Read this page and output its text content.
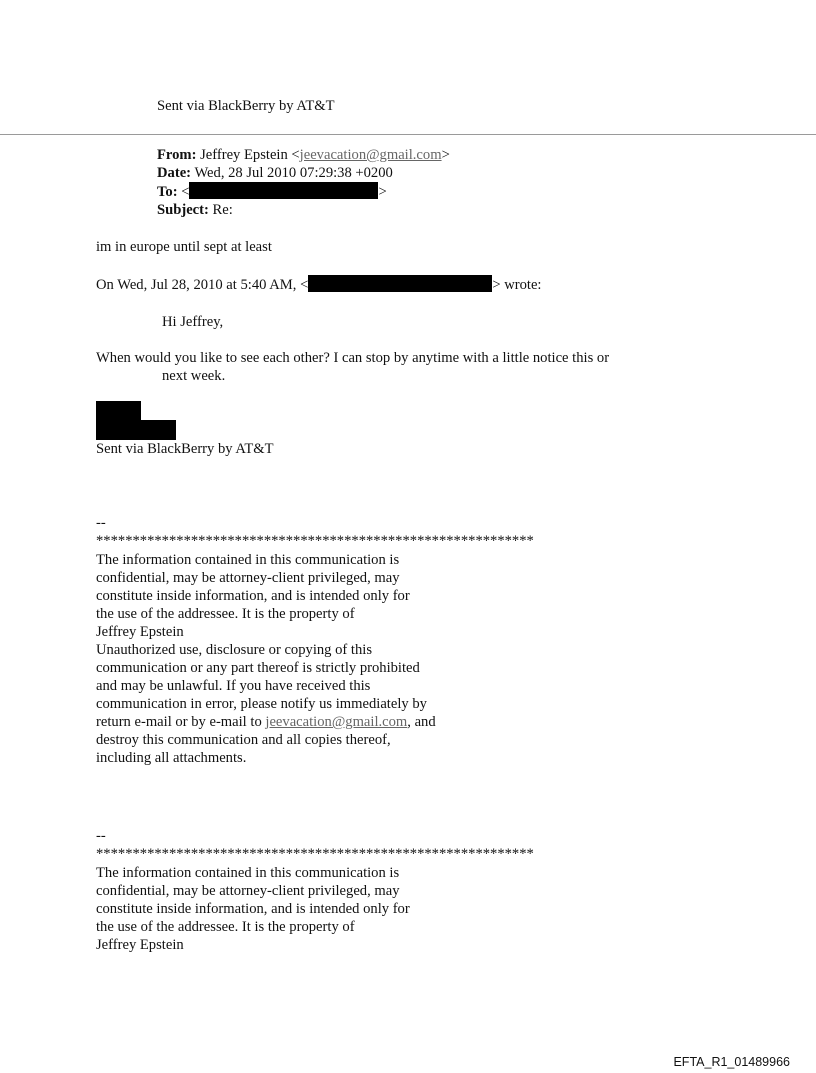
Sent via BlackBerry by AT&T
From: Jeffrey Epstein <jeevacation@gmail.com>
Date: Wed, 28 Jul 2010 07:29:38 +0200
To: <	>
Subject: Re:
im in europe until sept at least
On Wed, Jul 28, 2010 at 5:40 AM, <	> wrote:
Hi Jeffrey,
When would you like to see each other? I can stop by anytime with a little notice this or
next week.
Sent via BlackBerry by AT&T
--
************************************************************
The information contained in this communication is
confidential, may be attorney-client privileged, may
constitute inside information, and is intended only for
the use of the addressee. It is the property of
Jeffrey Epstein
Unauthorized use, disclosure or copying of this
communication or any part thereof is strictly prohibited
and may be unlawful. If you have received this
communication in error, please notify us immediately by
return e-mail or by e-mail to jeevacation@gmail.com, and
destroy this communication and all copies thereof,
including all attachments.
--
************************************************************
The information contained in this communication is
confidential, may be attorney-client privileged, may
constitute inside information, and is intended only for
the use of the addressee. It is the property of
Jeffrey Epstein
EFTA_R1_01489966
